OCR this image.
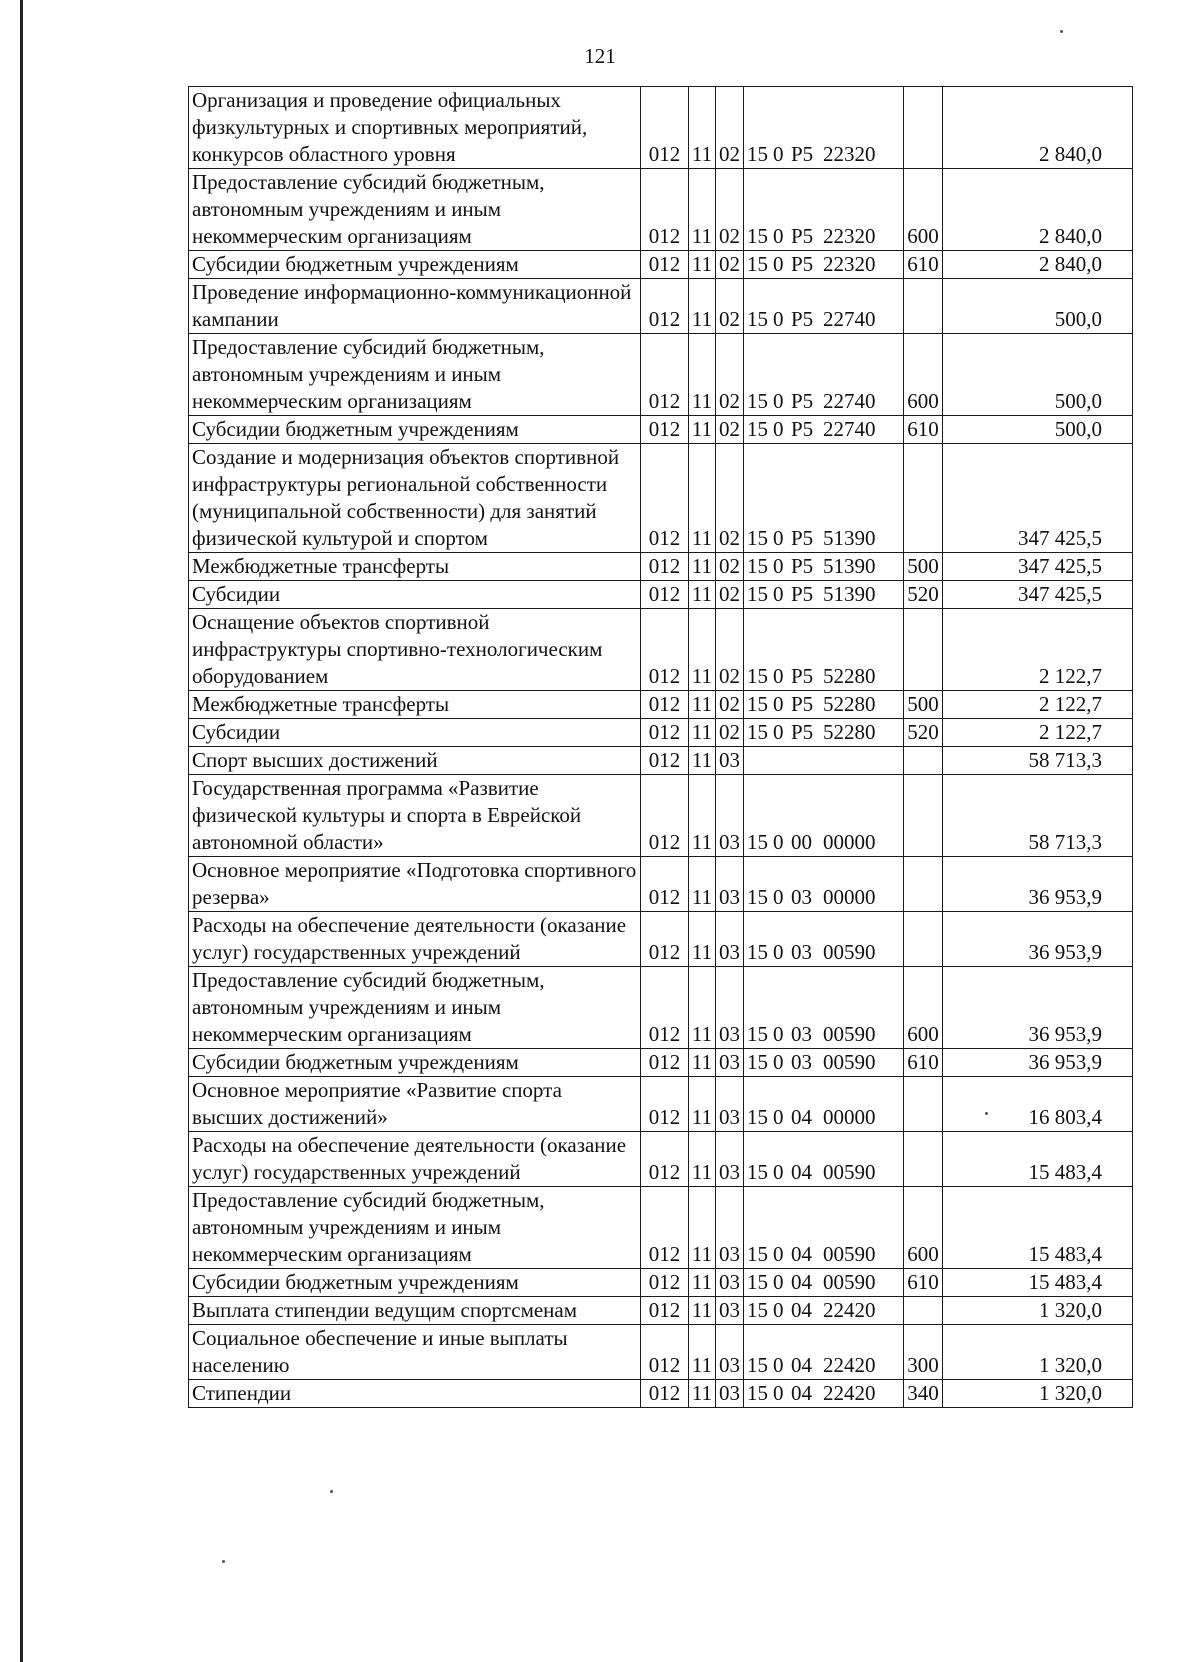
121
Организация и проведение официальных физкультурных и спортивных мероприятий, конкурсов областного уровня	012	11	02	15 0 Р5 22320		2 840,0
Предоставление субсидий бюджетным, автономным учреждениям и иным некоммерческим организациям	012	11	02	15 0 Р5 22320	600	2 840,0
Субсидии бюджетным учреждениям	012	11	02	15 0 Р5 22320	610	2 840,0
Проведение информационно-коммуникационной кампании	012	11	02	15 0 Р5 22740		500,0
Предоставление субсидий бюджетным, автономным учреждениям и иным некоммерческим организациям	012	11	02	15 0 Р5 22740	600	500,0
Субсидии бюджетным учреждениям	012	11	02	15 0 Р5 22740	610	500,0
Создание и модернизация объектов спортивной инфраструктуры региональной собственности (муниципальной собственности) для занятий физической культурой и спортом	012	11	02	15 0 Р5 51390		347 425,5
Межбюджетные трансферты	012	11	02	15 0 Р5 51390	500	347 425,5
Субсидии	012	11	02	15 0 Р5 51390	520	347 425,5
Оснащение объектов спортивной инфраструктуры спортивно-технологическим оборудованием	012	11	02	15 0 Р5 52280		2 122,7
Межбюджетные трансферты	012	11	02	15 0 Р5 52280	500	2 122,7
Субсидии	012	11	02	15 0 Р5 52280	520	2 122,7
Спорт высших достижений	012	11	03			58 713,3
Государственная программа «Развитие физической культуры и спорта в Еврейской автономной области»	012	11	03	15 0 00 00000		58 713,3
Основное мероприятие «Подготовка спортивного резерва»	012	11	03	15 0 03 00000		36 953,9
Расходы на обеспечение деятельности (оказание услуг) государственных учреждений	012	11	03	15 0 03 00590		36 953,9
Предоставление субсидий бюджетным, автономным учреждениям и иным некоммерческим организациям	012	11	03	15 0 03 00590	600	36 953,9
Субсидии бюджетным учреждениям	012	11	03	15 0 03 00590	610	36 953,9
Основное мероприятие «Развитие спорта высших достижений»	012	11	03	15 0 04 00000		16 803,4
Расходы на обеспечение деятельности (оказание услуг) государственных учреждений	012	11	03	15 0 04 00590		15 483,4
Предоставление субсидий бюджетным, автономным учреждениям и иным некоммерческим организациям	012	11	03	15 0 04 00590	600	15 483,4
Субсидии бюджетным учреждениям	012	11	03	15 0 04 00590	610	15 483,4
Выплата стипендии ведущим спортсменам	012	11	03	15 0 04 22420		1 320,0
Социальное обеспечение и иные выплаты населению	012	11	03	15 0 04 22420	300	1 320,0
Стипендии	012	11	03	15 0 04 22420	340	1 320,0
